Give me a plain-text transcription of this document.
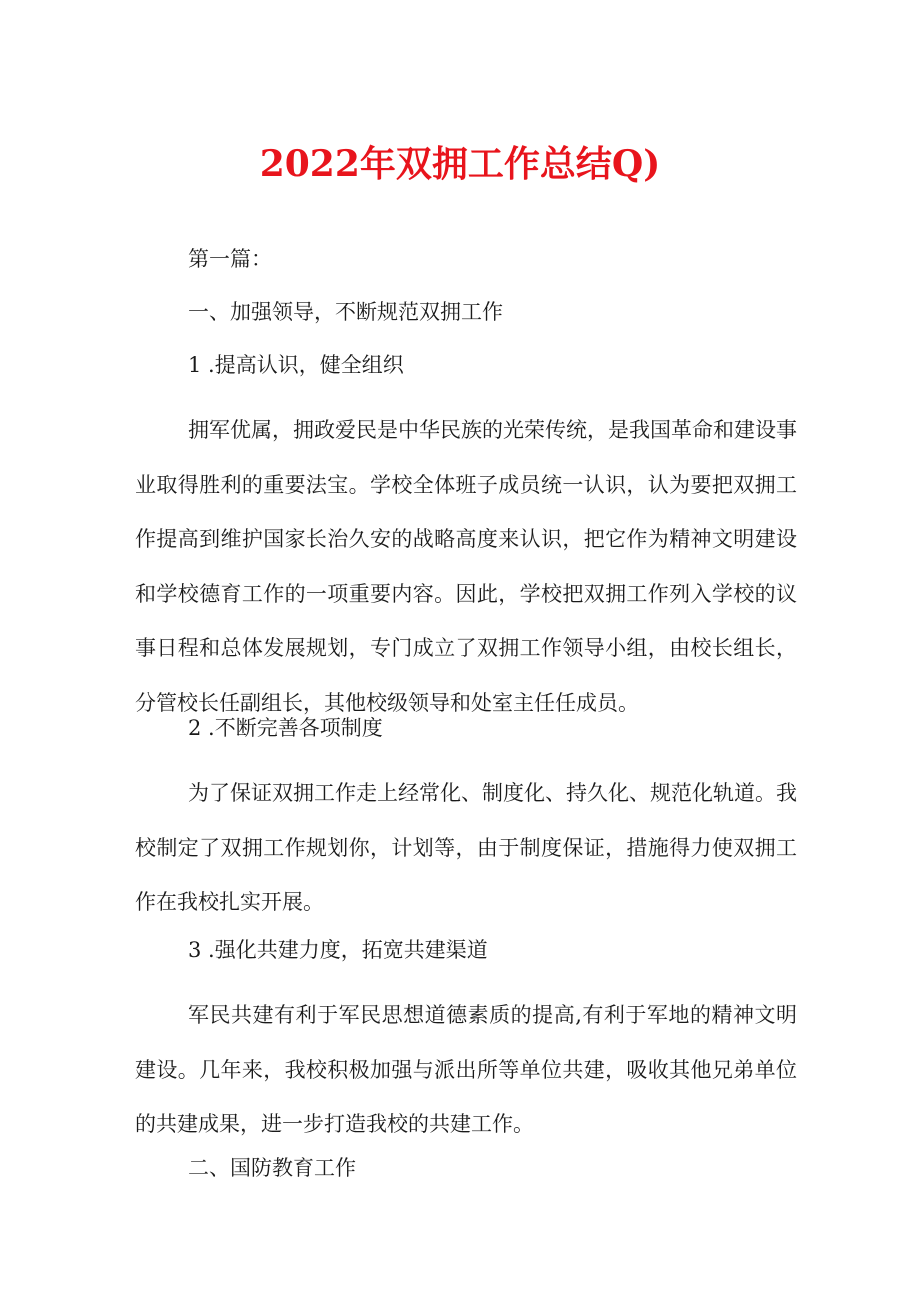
2022年双拥工作总结Q)
第一篇：
一、加强领导，不断规范双拥工作
1 .提高认识，健全组织

拥军优属，拥政爱民是中华民族的光荣传统，是我国革命和建设事业取得胜利的重要法宝。学校全体班子成员统一认识，认为要把双拥工作提高到维护国家长治久安的战略高度来认识，把它作为精神文明建设和学校德育工作的一项重要内容。因此，学校把双拥工作列入学校的议事日程和总体发展规划，专门成立了双拥工作领导小组，由校长组长，分管校长任副组长，其他校级领导和处室主任任成员。

2 .不断完善各项制度

为了保证双拥工作走上经常化、制度化、持久化、规范化轨道。我校制定了双拥工作规划你，计划等，由于制度保证，措施得力使双拥工作在我校扎实开展。

3 .强化共建力度，拓宽共建渠道

军民共建有利于军民思想道德素质的提高,有利于军地的精神文明建设。几年来，我校积极加强与派出所等单位共建，吸收其他兄弟单位的共建成果，进一步打造我校的共建工作。

二、国防教育工作
